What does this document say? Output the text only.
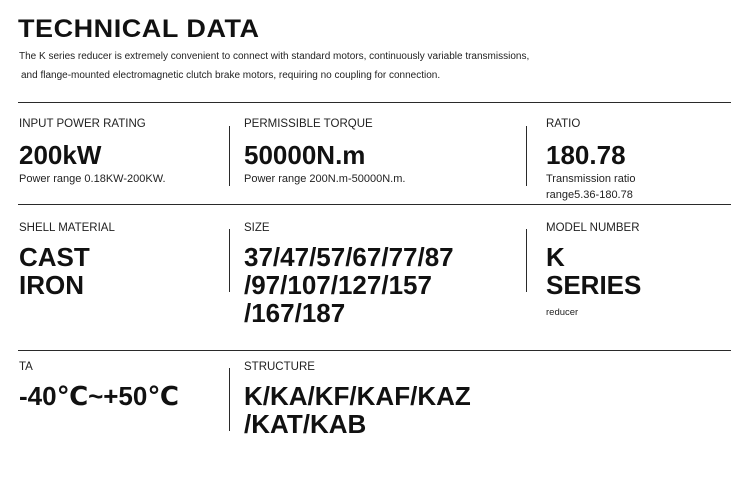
TECHNICAL DATA
The K series reducer is extremely convenient to connect with standard motors, continuously variable transmissions,
and flange-mounted electromagnetic clutch brake motors, requiring no coupling for connection.
INPUT POWER RATING
200kW
Power range 0.18KW-200KW.
PERMISSIBLE TORQUE
50000N.m
Power range 200N.m-50000N.m.
RATIO
180.78
Transmission ratio
range5.36-180.78
SHELL MATERIAL
CAST
IRON
SIZE
37/47/57/67/77/87
/97/107/127/157
/167/187
MODEL NUMBER
K
SERIES
reducer
TA
-40℃~+50℃
STRUCTURE
K/KA/KF/KAF/KAZ
/KAT/KAB
